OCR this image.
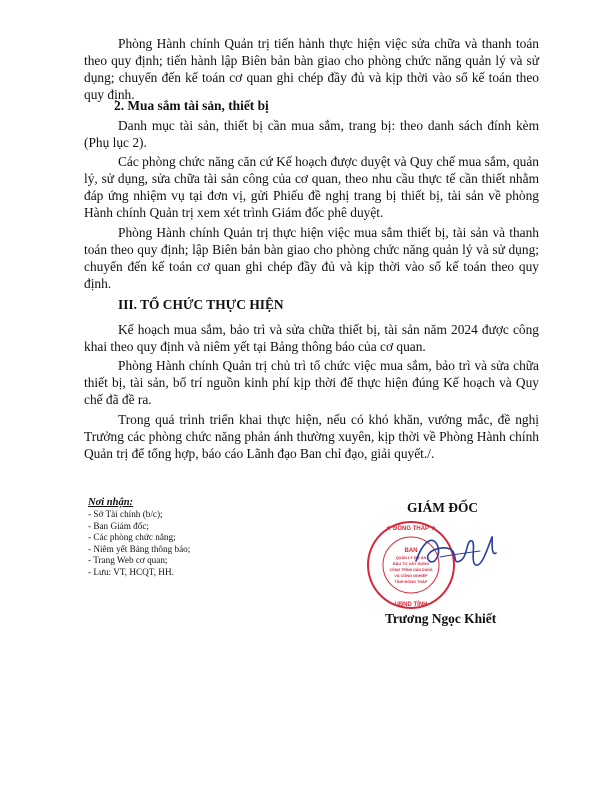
Phòng Hành chính Quản trị tiến hành thực hiện việc sửa chữa và thanh toán theo quy định; tiến hành lập Biên bản bàn giao cho phòng chức năng quản lý và sử dụng; chuyển đến kế toán cơ quan ghi chép đầy đủ và kịp thời vào sổ kế toán theo quy định.

2. Mua sắm tài sản, thiết bị

Danh mục tài sản, thiết bị cần mua sắm, trang bị: theo danh sách đính kèm (Phụ lục 2).

Các phòng chức năng căn cứ Kế hoạch được duyệt và Quy chế mua sắm, quản lý, sử dụng, sửa chữa tài sản công của cơ quan, theo nhu cầu thực tế cần thiết nhằm đáp ứng nhiệm vụ tại đơn vị, gửi Phiếu đề nghị trang bị thiết bị, tài sản về phòng Hành chính Quản trị xem xét trình Giám đốc phê duyệt.

Phòng Hành chính Quản trị thực hiện việc mua sắm thiết bị, tài sản và thanh toán theo quy định; lập Biên bản bàn giao cho phòng chức năng quản lý và sử dụng; chuyển đến kế toán cơ quan ghi chép đầy đủ và kịp thời vào sổ kế toán theo quy định.

III. TỔ CHỨC THỰC HIỆN

Kế hoạch mua sắm, bảo trì và sửa chữa thiết bị, tài sản năm 2024 được công khai theo quy định và niêm yết tại Bảng thông báo của cơ quan.

Phòng Hành chính Quản trị chủ trì tổ chức việc mua sắm, bảo trì và sửa chữa thiết bị, tài sản, bố trí nguồn kinh phí kịp thời để thực hiện đúng Kế hoạch và Quy chế đã đề ra.

Trong quá trình triển khai thực hiện, nếu có khó khăn, vướng mắc, đề nghị Trưởng các phòng chức năng phản ánh thường xuyên, kịp thời về Phòng Hành chính Quản trị để tổng hợp, báo cáo Lãnh đạo Ban chỉ đạo, giải quyết./.

Nơi nhận:

- Sở Tài chính (b/c);
- Ban Giám đốc;
- Các phòng chức năng;
- Niêm yết Bảng thông báo;
- Trang Web cơ quan;
- Lưu: VT, HCQT, HH.
GIÁM ĐỐC
★ ĐỒNG THÁP ★
UBND TỈNH
BAN
QUẢN LÝ DỰ ÁN
ĐẦU TƯ XÂY DỰNG
CÔNG TRÌNH DÂN DỤNG
VÀ CÔNG NGHIỆP
TỈNH ĐỒNG THÁP
Trương Ngọc Khiết
